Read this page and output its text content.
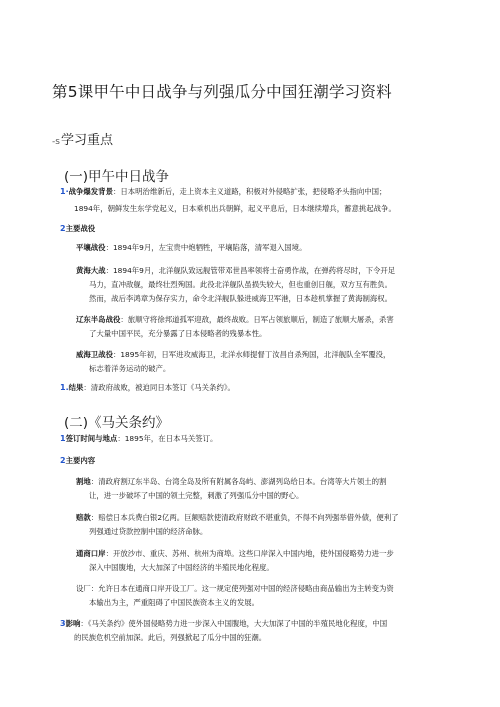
第5课甲午中日战争与列强瓜分中国狂潮学习资料
-s学习重点
(一)甲午中日战争
1·战争爆发背景：日本明治维新后，走上资本主义道路，积极对外侵略扩张，把侵略矛头指向中国；
1894年，朝鲜发生东学党起义，日本乘机出兵朝鲜，起义平息后，日本继续增兵，蓄意挑起战争。
2主要战役
平壤战役：1894年9月，左宝贵中炮牺牲，平壤陷落，清军退入国境。
黄海大战：1894年9月，北洋舰队致远舰管带邓世昌率领将士奋勇作战，在弹药将尽时，下令开足
马力，直冲敌舰，最终壮烈殉国。此役北洋舰队虽损失较大，但也重创日舰，双方互有胜负。
然而，战后李鸿章为保存实力，命令北洋舰队躲进威海卫军港，日本趁机掌握了黄海制海权。
辽东半岛战役：旅顺守将徐邦道孤军迎敌，最终战败。日军占领旅顺后，制造了旅顺大屠杀，杀害
了大量中国平民，充分暴露了日本侵略者的残暴本性。
威海卫战役：1895年初，日军进攻威海卫，北洋水师提督丁汝昌自杀殉国，北洋舰队全军覆没，
标志着洋务运动的破产。
1.结果：清政府战败，被迫同日本签订《马关条约》。
(二)《马关条约》
1签订时间与地点：1895年，在日本马关签订。
2主要内容
割地：清政府割辽东半岛、台湾全岛及所有附属各岛屿、澎湖列岛给日本。台湾等大片领土的割
让，进一步破坏了中国的领土完整，刺激了列强瓜分中国的野心。
赔款：赔偿日本兵费白银2亿两。巨额赔款使清政府财政不堪重负，不得不向列强举借外债，便利了
列强通过贷款控制中国的经济命脉。
通商口岸：开放沙市、重庆、苏州、杭州为商埠。这些口岸深入中国内地，使外国侵略势力进一步
深入中国腹地，大大加深了中国经济的半殖民地化程度。
设厂：允许日本在通商口岸开设工厂。这一规定使列强对中国的经济侵略由商品输出为主转变为资
本输出为主，严重阻碍了中国民族资本主义的发展。
3影响：《马关条约》使外国侵略势力进一步深入中国腹地，大大加深了中国的半殖民地化程度，中国
的民族危机空前加深。此后，列强掀起了瓜分中国的狂潮。
